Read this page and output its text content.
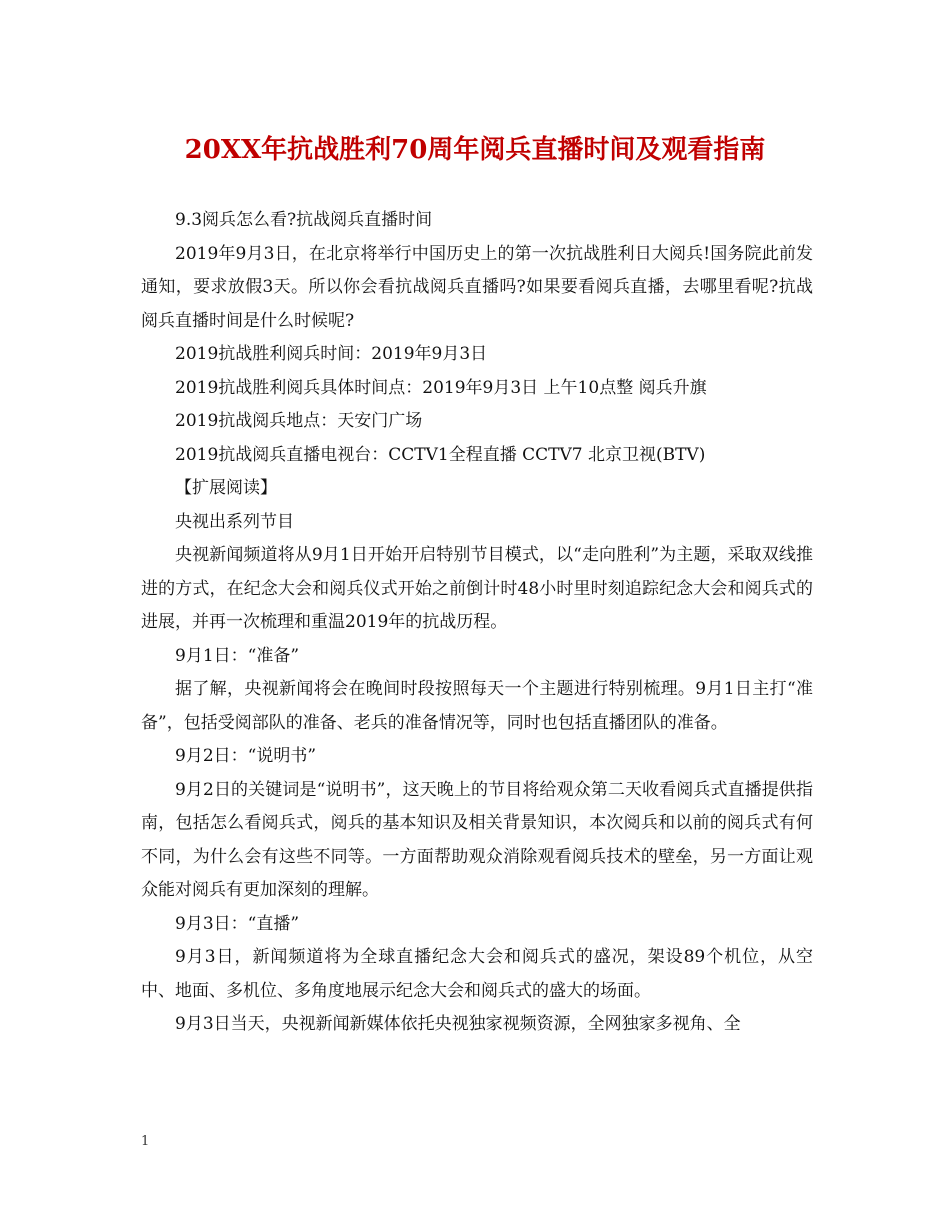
20XX年抗战胜利70周年阅兵直播时间及观看指南

9.3阅兵怎么看?抗战阅兵直播时间

2019年9月3日，在北京将举行中国历史上的第一次抗战胜利日大阅兵!国务院此前发通知，要求放假3天。所以你会看抗战阅兵直播吗?如果要看阅兵直播，去哪里看呢?抗战阅兵直播时间是什么时候呢?

2019抗战胜利阅兵时间：2019年9月3日

2019抗战胜利阅兵具体时间点：2019年9月3日 上午10点整 阅兵升旗

2019抗战阅兵地点：天安门广场

2019抗战阅兵直播电视台：CCTV1全程直播 CCTV7 北京卫视(BTV)

【扩展阅读】

央视出系列节目

央视新闻频道将从9月1日开始开启特别节目模式，以“走向胜利”为主题，采取双线推进的方式，在纪念大会和阅兵仪式开始之前倒计时48小时里时刻追踪纪念大会和阅兵式的进展，并再一次梳理和重温2019年的抗战历程。

9月1日：“准备”

据了解，央视新闻将会在晚间时段按照每天一个主题进行特别梳理。9月1日主打“准备”，包括受阅部队的准备、老兵的准备情况等，同时也包括直播团队的准备。

9月2日：“说明书”

9月2日的关键词是“说明书”，这天晚上的节目将给观众第二天收看阅兵式直播提供指南，包括怎么看阅兵式，阅兵的基本知识及相关背景知识，本次阅兵和以前的阅兵式有何不同，为什么会有这些不同等。一方面帮助观众消除观看阅兵技术的壁垒，另一方面让观众能对阅兵有更加深刻的理解。

9月3日：“直播”

9月3日，新闻频道将为全球直播纪念大会和阅兵式的盛况，架设89个机位，从空中、地面、多机位、多角度地展示纪念大会和阅兵式的盛大的场面。

9月3日当天，央视新闻新媒体依托央视独家视频资源，全网独家多视角、全

1
